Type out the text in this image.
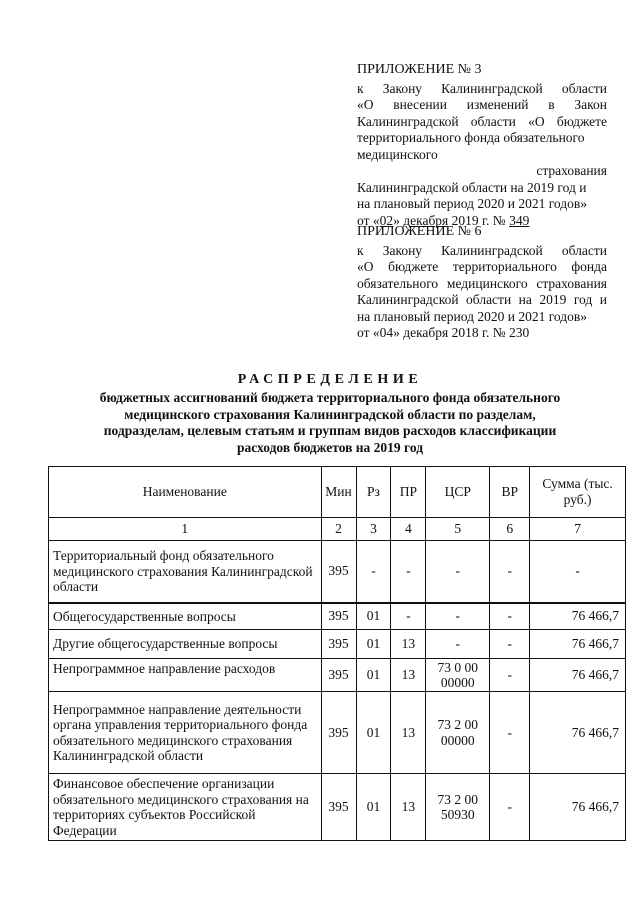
ПРИЛОЖЕНИЕ № 3
к Закону Калининградской области
«О внесении изменений в Закон
Калининградской области «О бюджете
территориального фонда обязательного
медицинского
страхования
Калининградской области на 2019 год и
на плановый период 2020 и 2021 годов»
от «02» декабря 2019 г. № 349
ПРИЛОЖЕНИЕ № 6
к Закону Калининградской области
«О бюджете территориального фонда
обязательного медицинского страхования
Калининградской области на 2019 год и
на плановый период 2020 и 2021 годов»
от «04» декабря 2018 г. № 230
РАСПРЕДЕЛЕНИЕ
бюджетных ассигнований бюджета территориального фонда обязательного
медицинского страхования Калининградской области по разделам,
подразделам, целевым статьям и группам видов расходов классификации
расходов бюджетов на 2019 год
Наименование	Мин	Рз	ПР	ЦСР	ВР	Сумма (тыс. руб.)
1	2	3	4	5	6	7
Территориальный фонд обязательного медицинского страхования Калининградской области	395	-	-	-	-	-
Общегосударственные вопросы	395	01	-	-	-	76 466,7
Другие общегосударственные вопросы	395	01	13	-	-	76 466,7
Непрограммное направление расходов	395	01	13	73 0 00 00000	-	76 466,7
Непрограммное направление деятельности органа управления территориального фонда обязательного медицинского страхования Калининградской области	395	01	13	73 2 00 00000	-	76 466,7
Финансовое обеспечение организации обязательного медицинского страхования на территориях субъектов Российской Федерации	395	01	13	73 2 00 50930	-	76 466,7
